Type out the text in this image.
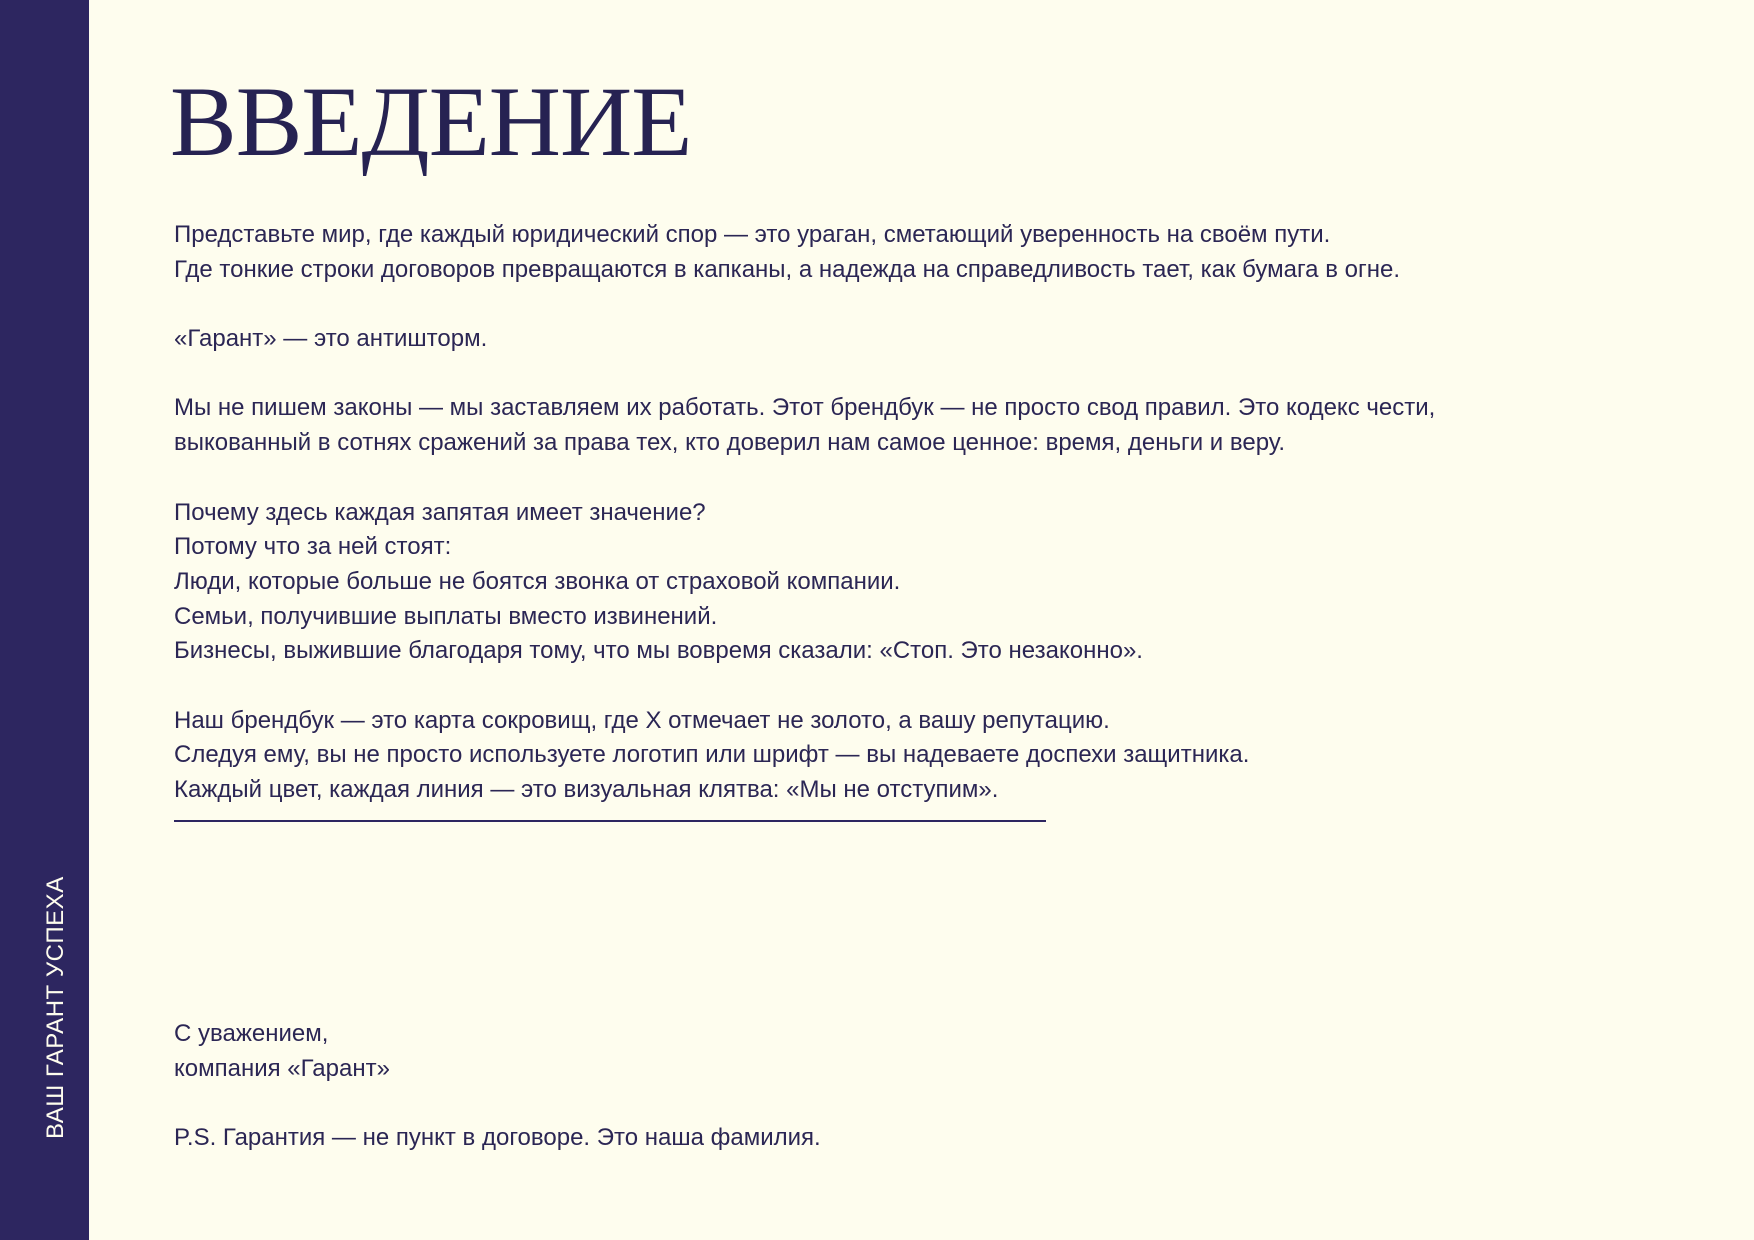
ВАШ ГАРАНТ УСПЕХА
ВВЕДЕНИЕ
Представьте мир, где каждый юридический спор — это ураган, сметающий уверенность на своём пути.
Где тонкие строки договоров превращаются в капканы, а надежда на справедливость тает, как бумага в огне.
«Гарант» — это антишторм.
Мы не пишем законы — мы заставляем их работать. Этот брендбук — не просто свод правил. Это кодекс чести,
выкованный в сотнях сражений за права тех, кто доверил нам самое ценное: время, деньги и веру.
Почему здесь каждая запятая имеет значение?
Потому что за ней стоят:
Люди, которые больше не боятся звонка от страховой компании.
Семьи, получившие выплаты вместо извинений.
Бизнесы, выжившие благодаря тому, что мы вовремя сказали: «Стоп. Это незаконно».
Наш брендбук — это карта сокровищ, где X отмечает не золото, а вашу репутацию.
Следуя ему, вы не просто используете логотип или шрифт — вы надеваете доспехи защитника.
Каждый цвет, каждая линия — это визуальная клятва: «Мы не отступим».
С уважением,
компания «Гарант»
P.S. Гарантия — не пункт в договоре. Это наша фамилия.
